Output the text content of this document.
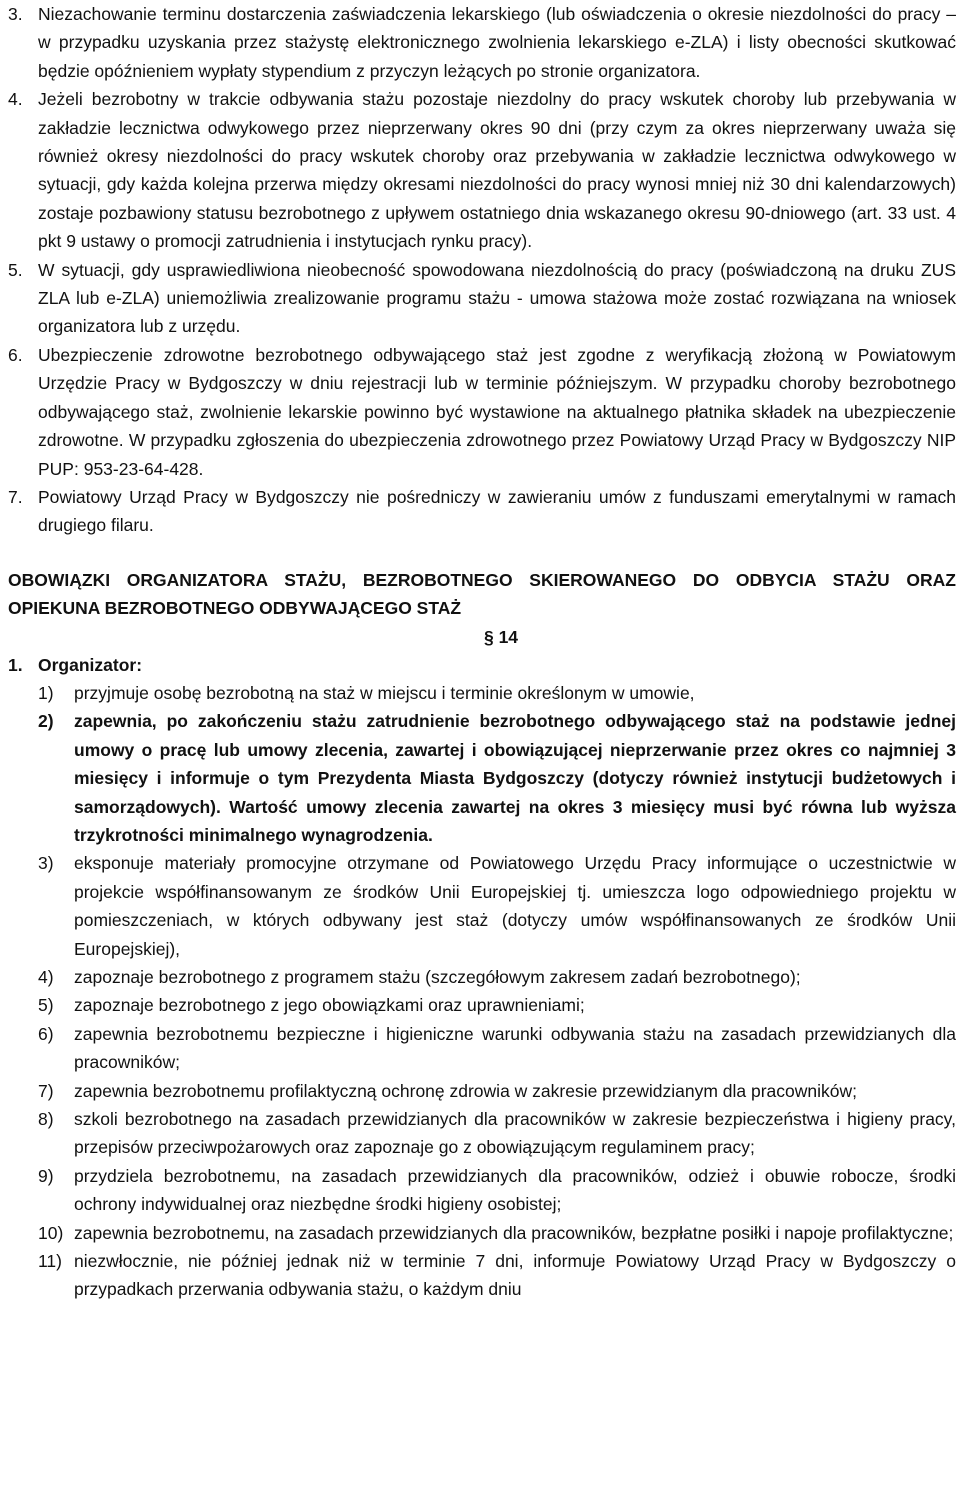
3. Niezachowanie terminu dostarczenia zaświadczenia lekarskiego (lub oświadczenia o okresie niezdolności do pracy – w przypadku uzyskania przez stażystę elektronicznego zwolnienia lekarskiego e-ZLA) i listy obecności skutkować będzie opóźnieniem wypłaty stypendium z przyczyn leżących po stronie organizatora.
4. Jeżeli bezrobotny w trakcie odbywania stażu pozostaje niezdolny do pracy wskutek choroby lub przebywania w zakładzie lecznictwa odwykowego przez nieprzerwany okres 90 dni (przy czym za okres nieprzerwany uważa się również okresy niezdolności do pracy wskutek choroby oraz przebywania w zakładzie lecznictwa odwykowego w sytuacji, gdy każda kolejna przerwa między okresami niezdolności do pracy wynosi mniej niż 30 dni kalendarzowych) zostaje pozbawiony statusu bezrobotnego z upływem ostatniego dnia wskazanego okresu 90-dniowego (art. 33 ust. 4 pkt 9 ustawy o promocji zatrudnienia i instytucjach rynku pracy).
5. W sytuacji, gdy usprawiedliwiona nieobecność spowodowana niezdolnością do pracy (poświadczoną na druku ZUS ZLA lub e-ZLA) uniemożliwia zrealizowanie programu stażu - umowa stażowa może zostać rozwiązana na wniosek organizatora lub z urzędu.
6. Ubezpieczenie zdrowotne bezrobotnego odbywającego staż jest zgodne z weryfikacją złożoną w Powiatowym Urzędzie Pracy w Bydgoszczy w dniu rejestracji lub w terminie późniejszym. W przypadku choroby bezrobotnego odbywającego staż, zwolnienie lekarskie powinno być wystawione na aktualnego płatnika składek na ubezpieczenie zdrowotne. W przypadku zgłoszenia do ubezpieczenia zdrowotnego przez Powiatowy Urząd Pracy w Bydgoszczy NIP PUP: 953-23-64-428.
7. Powiatowy Urząd Pracy w Bydgoszczy nie pośredniczy w zawieraniu umów z funduszami emerytalnymi w ramach drugiego filaru.
OBOWIĄZKI ORGANIZATORA STAŻU, BEZROBOTNEGO SKIEROWANEGO DO ODBYCIA STAŻU ORAZ OPIEKUNA BEZROBOTNEGO ODBYWAJĄCEGO STAŻ
§ 14
1. Organizator:
1) przyjmuje osobę bezrobotną na staż w miejscu i terminie określonym w umowie,
2) zapewnia, po zakończeniu stażu zatrudnienie bezrobotnego odbywającego staż na podstawie jednej umowy o pracę lub umowy zlecenia, zawartej i obowiązującej nieprzerwanie przez okres co najmniej 3 miesięcy i informuje o tym Prezydenta Miasta Bydgoszczy (dotyczy również instytucji budżetowych i samorządowych). Wartość umowy zlecenia zawartej na okres 3 miesięcy musi być równa lub wyższa trzykrotności minimalnego wynagrodzenia.
3) eksponuje materiały promocyjne otrzymane od Powiatowego Urzędu Pracy informujące o uczestnictwie w projekcie współfinansowanym ze środków Unii Europejskiej tj. umieszcza logo odpowiedniego projektu w pomieszczeniach, w których odbywany jest staż (dotyczy umów współfinansowanych ze środków Unii Europejskiej),
4) zapoznaje bezrobotnego z programem stażu (szczegółowym zakresem zadań bezrobotnego);
5) zapoznaje bezrobotnego z jego obowiązkami oraz uprawnieniami;
6) zapewnia bezrobotnemu bezpieczne i higieniczne warunki odbywania stażu na zasadach przewidzianych dla pracowników;
7) zapewnia bezrobotnemu profilaktyczną ochronę zdrowia w zakresie przewidzianym dla pracowników;
8) szkoli bezrobotnego na zasadach przewidzianych dla pracowników w zakresie bezpieczeństwa i higieny pracy, przepisów przeciwpożarowych oraz zapoznaje go z obowiązującym regulaminem pracy;
9) przydziela bezrobotnemu, na zasadach przewidzianych dla pracowników, odzież i obuwie robocze, środki ochrony indywidualnej oraz niezbędne środki higieny osobistej;
10) zapewnia bezrobotnemu, na zasadach przewidzianych dla pracowników, bezpłatne posiłki i napoje profilaktyczne;
11) niezwłocznie, nie później jednak niż w terminie 7 dni, informuje Powiatowy Urząd Pracy w Bydgoszczy o przypadkach przerwania odbywania stażu, o każdym dniu
